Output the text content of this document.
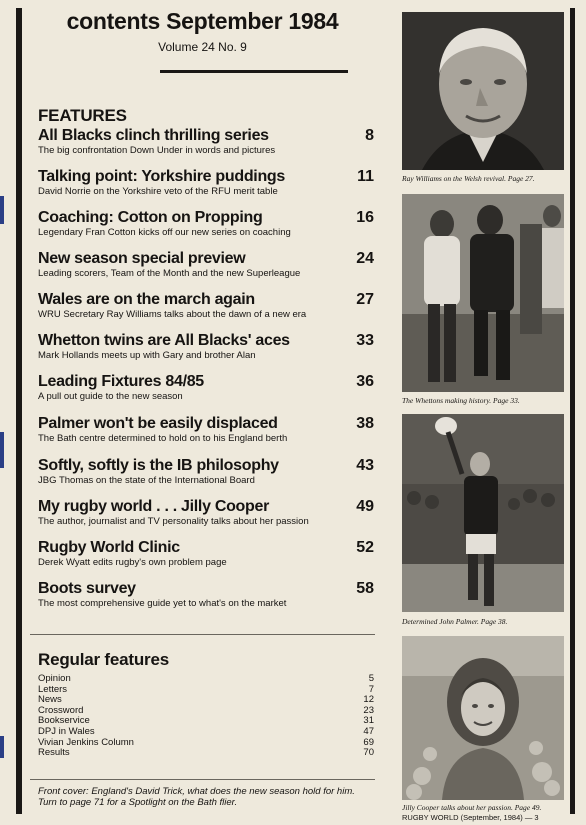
contents September 1984
Volume 24 No. 9
FEATURES
All Blacks clinch thrilling series	8
The big confrontation Down Under in words and pictures
Talking point: Yorkshire puddings	11
David Norrie on the Yorkshire veto of the RFU merit table
Coaching: Cotton on Propping	16
Legendary Fran Cotton kicks off our new series on coaching
New season special preview	24
Leading scorers, Team of the Month and the new Superleague
Wales are on the march again	27
WRU Secretary Ray Williams talks about the dawn of a new era
Whetton twins are All Blacks' aces	33
Mark Hollands meets up with Gary and brother Alan
Leading Fixtures 84/85	36
A pull out guide to the new season
Palmer won't be easily displaced	38
The Bath centre determined to hold on to his England berth
Softly, softly is the IB philosophy	43
JBG Thomas on the state of the International Board
My rugby world . . . Jilly Cooper	49
The author, journalist and TV personality talks about her passion
Rugby World Clinic	52
Derek Wyatt edits rugby's own problem page
Boots survey	58
The most comprehensive guide yet to what's on the market
Regular features
Opinion	5
Letters	7
News	12
Crossword	23
Bookservice	31
DPJ in Wales	47
Vivian Jenkins Column	69
Results	70
Front cover: England's David Trick, what does the new season hold for him. Turn to page 71 for a Spotlight on the Bath flier.
Ray Williams on the Welsh revival. Page 27.
The Whettons making history. Page 33.
Determined John Palmer. Page 38.
Jilly Cooper talks about her passion. Page 49.
RUGBY WORLD (September, 1984) — 3
